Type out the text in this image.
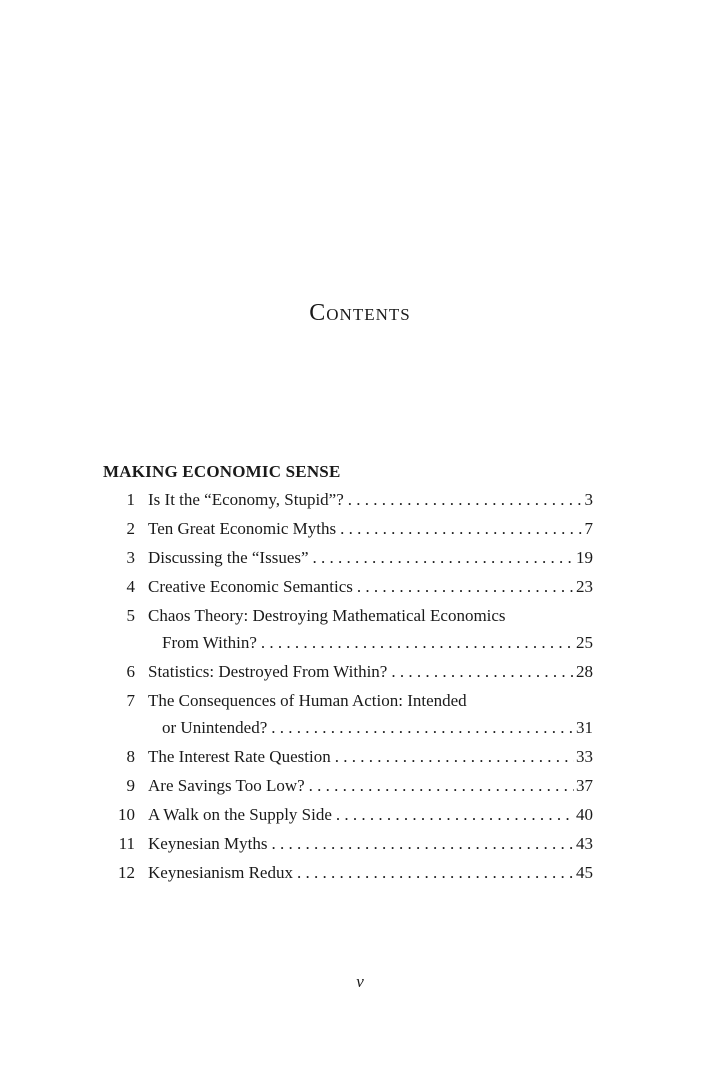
Contents
MAKING ECONOMIC SENSE
1 Is It the “Economy, Stupid”? . . .	3
2 Ten Great Economic Myths . . .	7
3 Discussing the “Issues” . . .	19
4 Creative Economic Semantics . . .	23
5 Chaos Theory: Destroying Mathematical Economics
From Within? . . .	25
6 Statistics: Destroyed From Within? . . .	28
7 The Consequences of Human Action: Intended
or Unintended? . . .	31
8 The Interest Rate Question . . .	33
9 Are Savings Too Low? . . .	37
10 A Walk on the Supply Side . . .	40
11 Keynesian Myths . . .	43
12 Keynesianism Redux . . .	45
v
